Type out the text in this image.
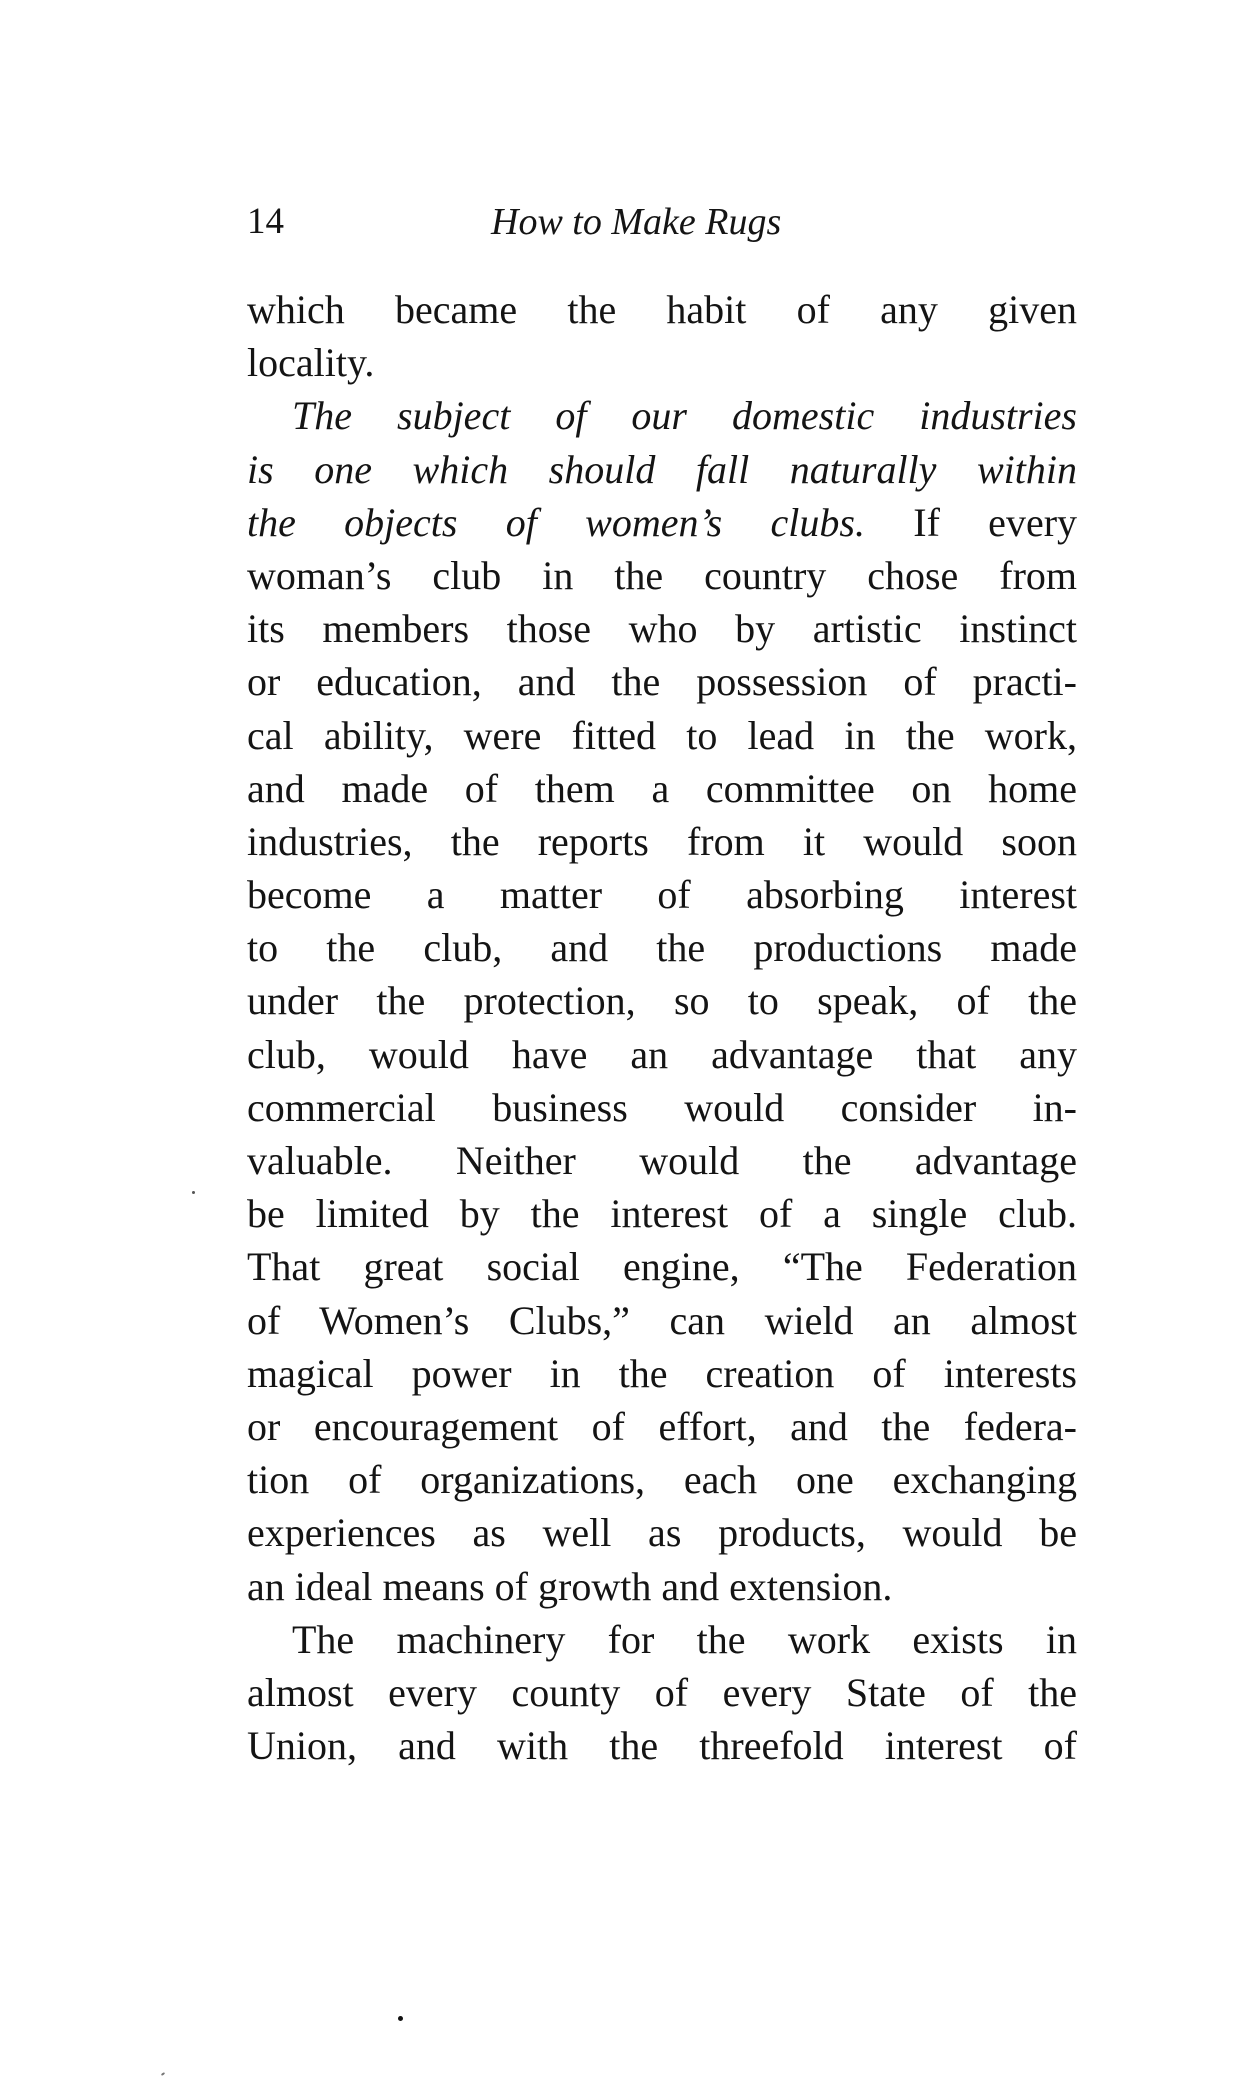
14	How to Make Rugs
which became the habit of any given
locality.
The subject of our domestic industries
is one which should fall naturally within
the objects of women’s clubs. If every
woman’s club in the country chose from
its members those who by artistic instinct
or education, and the possession of practi-
cal ability, were fitted to lead in the work,
and made of them a committee on home
industries, the reports from it would soon
become a matter of absorbing interest
to the club, and the productions made
under the protection, so to speak, of the
club, would have an advantage that any
commercial business would consider in-
valuable. Neither would the advantage
be limited by the interest of a single club.
That great social engine, “The Federation
of Women’s Clubs,” can wield an almost
magical power in the creation of interests
or encouragement of effort, and the federa-
tion of organizations, each one exchanging
experiences as well as products, would be
an ideal means of growth and extension.
The machinery for the work exists in
almost every county of every State of the
Union, and with the threefold interest of
